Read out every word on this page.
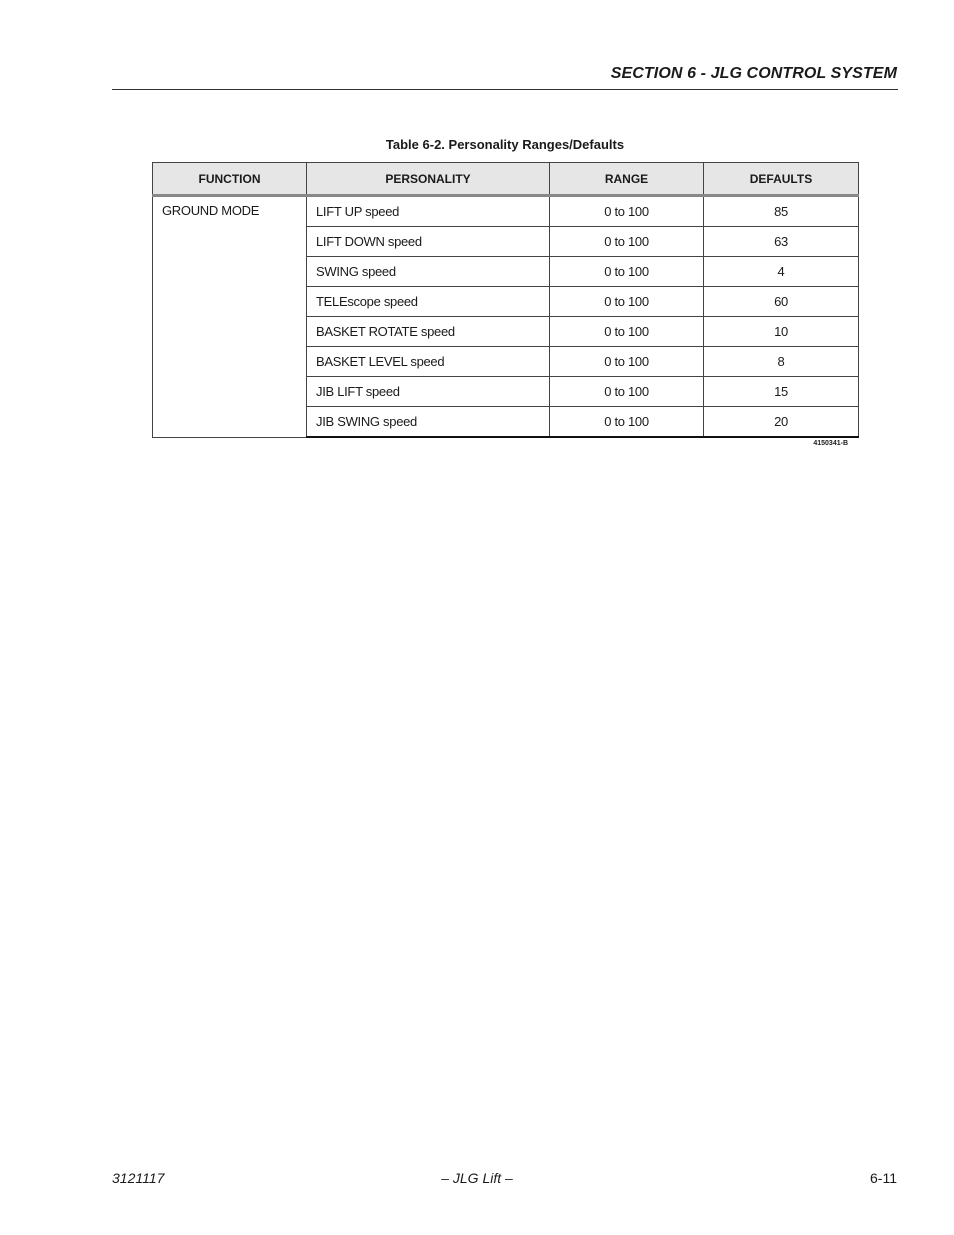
SECTION 6 - JLG CONTROL SYSTEM
Table 6-2. Personality Ranges/Defaults
FUNCTION	PERSONALITY	RANGE	DEFAULTS
GROUND MODE	LIFT UP speed	0 to 100	85
	LIFT DOWN speed	0 to 100	63
	SWING speed	0 to 100	4
	TELEscope speed	0 to 100	60
	BASKET ROTATE speed	0 to 100	10
	BASKET LEVEL speed	0 to 100	8
	JIB LIFT speed	0 to 100	15
	JIB SWING speed	0 to 100	20
4150341-B
3121117	– JLG Lift –	6-11
